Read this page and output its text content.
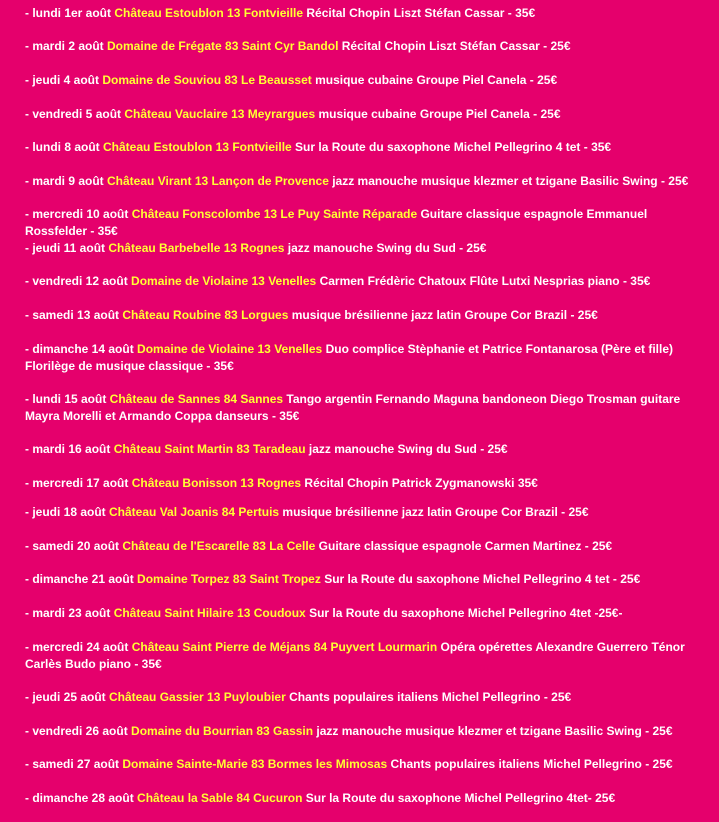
- lundi 1er août Château Estoublon 13 Fontvieille Récital Chopin Liszt Stéfan Cassar - 35€

- mardi 2 août Domaine de Frégate 83 Saint Cyr Bandol Récital Chopin Liszt Stéfan Cassar - 25€

- jeudi 4 août Domaine de Souviou 83 Le Beausset musique cubaine Groupe Piel Canela - 25€

- vendredi 5 août Château Vauclaire 13 Meyrargues musique cubaine Groupe Piel Canela - 25€

- lundi 8 août Château Estoublon 13 Fontvieille Sur la Route du saxophone Michel Pellegrino 4 tet - 35€

- mardi 9 août Château Virant 13 Lançon de Provence jazz manouche musique klezmer et tzigane Basilic Swing - 25€

- mercredi 10 août Château Fonscolombe 13 Le Puy Sainte Réparade Guitare classique espagnole Emmanuel Rossfelder - 35€

- jeudi 11 août Château Barbebelle 13 Rognes jazz manouche Swing du Sud - 25€

- vendredi 12 août Domaine de Violaine 13 Venelles Carmen Frédèric Chatoux Flûte Lutxi Nesprias piano - 35€

- samedi 13 août Château Roubine 83 Lorgues musique brésilienne jazz latin Groupe Cor Brazil - 25€

- dimanche 14 août Domaine de Violaine 13 Venelles Duo complice Stèphanie et Patrice Fontanarosa (Père et fille) Florilège de musique classique - 35€

- lundi 15 août Château de Sannes 84 Sannes Tango argentin Fernando Maguna bandoneon Diego Trosman guitare Mayra Morelli et Armando Coppa danseurs - 35€

- mardi 16 août Château Saint Martin 83 Taradeau jazz manouche Swing du Sud - 25€

- mercredi 17 août Château Bonisson 13 Rognes Récital Chopin Patrick Zygmanowski 35€

- jeudi 18 août Château Val Joanis 84 Pertuis musique brésilienne jazz latin Groupe Cor Brazil - 25€

- samedi 20 août Château de l'Escarelle 83 La Celle Guitare classique espagnole Carmen Martinez - 25€

- dimanche 21 août Domaine Torpez 83 Saint Tropez Sur la Route du saxophone Michel Pellegrino 4 tet - 25€

- mardi 23 août Château Saint Hilaire 13 Coudoux Sur la Route du saxophone Michel Pellegrino 4tet -25€-

- mercredi 24 août Château Saint Pierre de Méjans 84 Puyvert Lourmarin Opéra opérettes Alexandre Guerrero Ténor Carlès Budo piano - 35€

- jeudi 25 août Château Gassier 13 Puyloubier Chants populaires italiens Michel Pellegrino - 25€

- vendredi 26 août Domaine du Bourrian 83 Gassin jazz manouche musique klezmer et tzigane Basilic Swing - 25€

- samedi 27 août Domaine Sainte-Marie 83 Bormes les Mimosas Chants populaires italiens Michel Pellegrino - 25€

- dimanche 28 août Château la Sable 84 Cucuron Sur la Route du saxophone Michel Pellegrino 4tet- 25€
